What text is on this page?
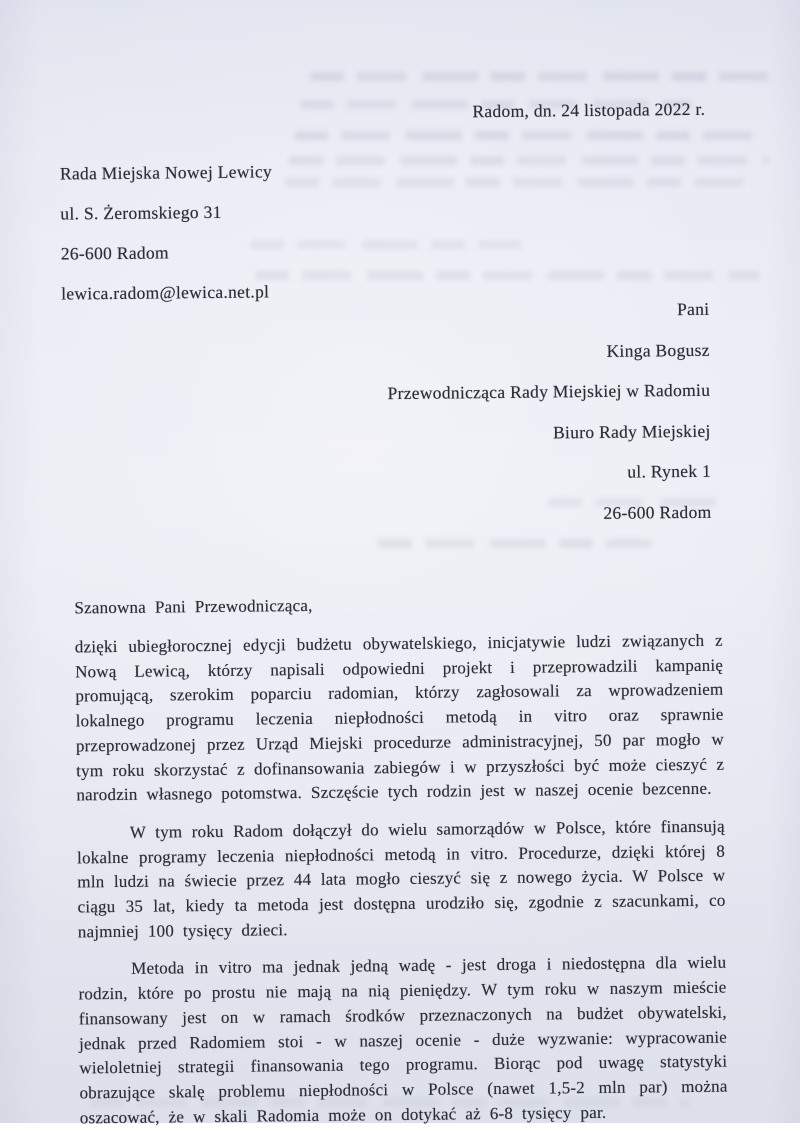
Radom, dn. 24 listopada 2022 r.
Rada Miejska Nowej Lewicy
ul. S. Żeromskiego 31
26-600 Radom
lewica.radom@lewica.net.pl
Pani
Kinga Bogusz
Przewodnicząca Rady Miejskiej w Radomiu
Biuro Rady Miejskiej
ul. Rynek 1
26-600 Radom

Szanowna Pani Przewodnicząca,

dzięki ubiegłorocznej edycji budżetu obywatelskiego, inicjatywie ludzi związanych z Nową Lewicą, którzy napisali odpowiedni projekt i przeprowadzili kampanię promującą, szerokim poparciu radomian, którzy zagłosowali za wprowadzeniem lokalnego programu leczenia niepłodności metodą in vitro oraz sprawnie przeprowadzonej przez Urząd Miejski procedurze administracyjnej, 50 par mogło w tym roku skorzystać z dofinansowania zabiegów i w przyszłości być może cieszyć z narodzin własnego potomstwa. Szczęście tych rodzin jest w naszej ocenie bezcenne.

W tym roku Radom dołączył do wielu samorządów w Polsce, które finansują lokalne programy leczenia niepłodności metodą in vitro. Procedurze, dzięki której 8 mln ludzi na świecie przez 44 lata mogło cieszyć się z nowego życia. W Polsce w ciągu 35 lat, kiedy ta metoda jest dostępna urodziło się, zgodnie z szacunkami, co najmniej 100 tysięcy dzieci.

Metoda in vitro ma jednak jedną wadę - jest droga i niedostępna dla wielu rodzin, które po prostu nie mają na nią pieniędzy. W tym roku w naszym mieście finansowany jest on w ramach środków przeznaczonych na budżet obywatelski, jednak przed Radomiem stoi - w naszej ocenie - duże wyzwanie: wypracowanie wieloletniej strategii finansowania tego programu. Biorąc pod uwagę statystyki obrazujące skalę problemu niepłodności w Polsce (nawet 1,5-2 mln par) można oszacować, że w skali Radomia może on dotykać aż 6-8 tysięcy par.
